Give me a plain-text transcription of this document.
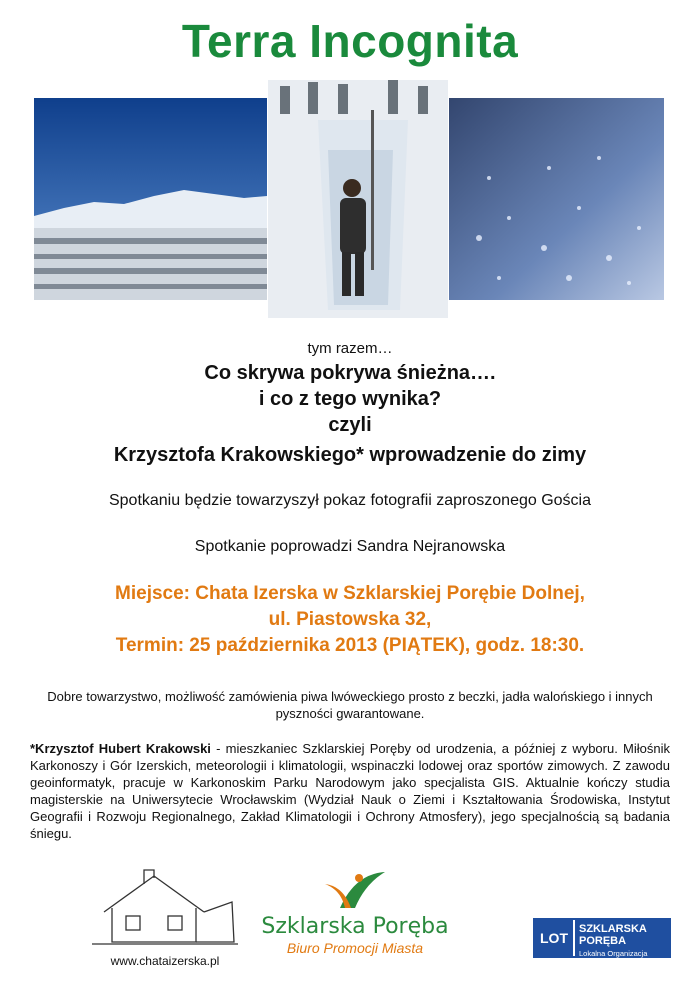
Terra Incognita

tym razem…

Co skrywa pokrywa śnieżna….

i co z tego wynika?

czyli

Krzysztofa Krakowskiego* wprowadzenie do zimy

Spotkaniu będzie towarzyszył pokaz fotografii zaproszonego Gościa

Spotkanie poprowadzi Sandra Nejranowska

Miejsce: Chata Izerska w Szklarskiej Porębie Dolnej,

ul. Piastowska 32,

Termin: 25 października 2013 (PIĄTEK), godz. 18:30.

Dobre towarzystwo, możliwość zamówienia piwa lwóweckiego prosto z beczki, jadła walońskiego i innych pyszności gwarantowane.

*Krzysztof Hubert Krakowski - mieszkaniec Szklarskiej Poręby od urodzenia, a później z wyboru. Miłośnik Karkonoszy i Gór Izerskich, meteorologii i klimatologii, wspinaczki lodowej oraz sportów zimowych. Z zawodu geoinformatyk, pracuje w Karkonoskim Parku Narodowym jako specjalista GIS. Aktualnie kończy studia magisterskie na Uniwersytecie Wrocławskim (Wydział Nauk o Ziemi i Kształtowania Środowiska, Instytut Geografii i Rozwoju Regionalnego, Zakład Klimatologii i Ochrony Atmosfery), jego specjalnością są badania śniegu.

www.chataizerska.pl
Szklarska Poręba
Biuro Promocji Miasta
LOT
SZKLARSKA PORĘBA
Lokalna Organizacja Turystyczna
